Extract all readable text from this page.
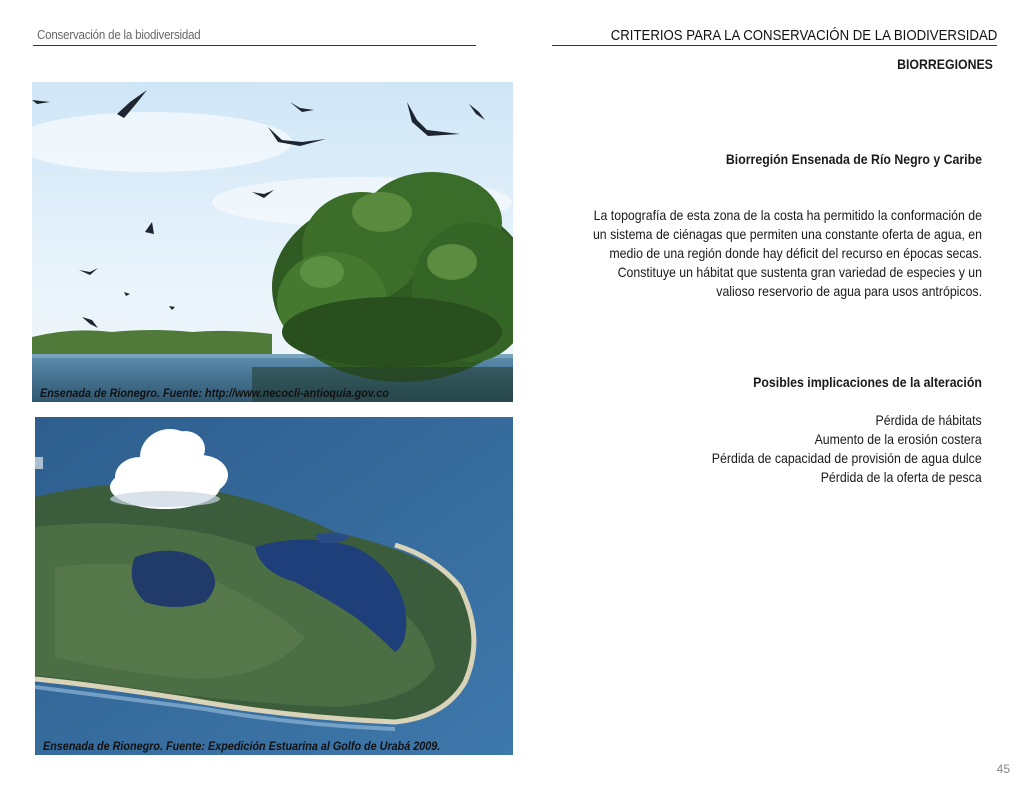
Conservación de la biodiversidad	CRITERIOS PARA LA CONSERVACIÓN DE LA BIODIVERSIDAD
BIORREGIONES
Ensenada de Rionegro. Fuente: http://www.necocli-antioquia.gov.co
Ensenada de Rionegro. Fuente: Expedición Estuarina al Golfo de Urabá 2009.
Biorregión Ensenada de Río Negro y Caribe
La topografía de esta zona de la costa ha permitido la conformación de
un sistema de ciénagas que permiten una constante oferta de agua, en
medio de una región donde hay déficit del recurso en épocas secas.
Constituye un hábitat que sustenta gran variedad de especies y un
valioso reservorio de agua para usos antrópicos.
Posibles implicaciones de la alteración
Pérdida de hábitats
Aumento de la erosión costera
Pérdida de capacidad de provisión de agua dulce
Pérdida de la oferta de pesca
45
